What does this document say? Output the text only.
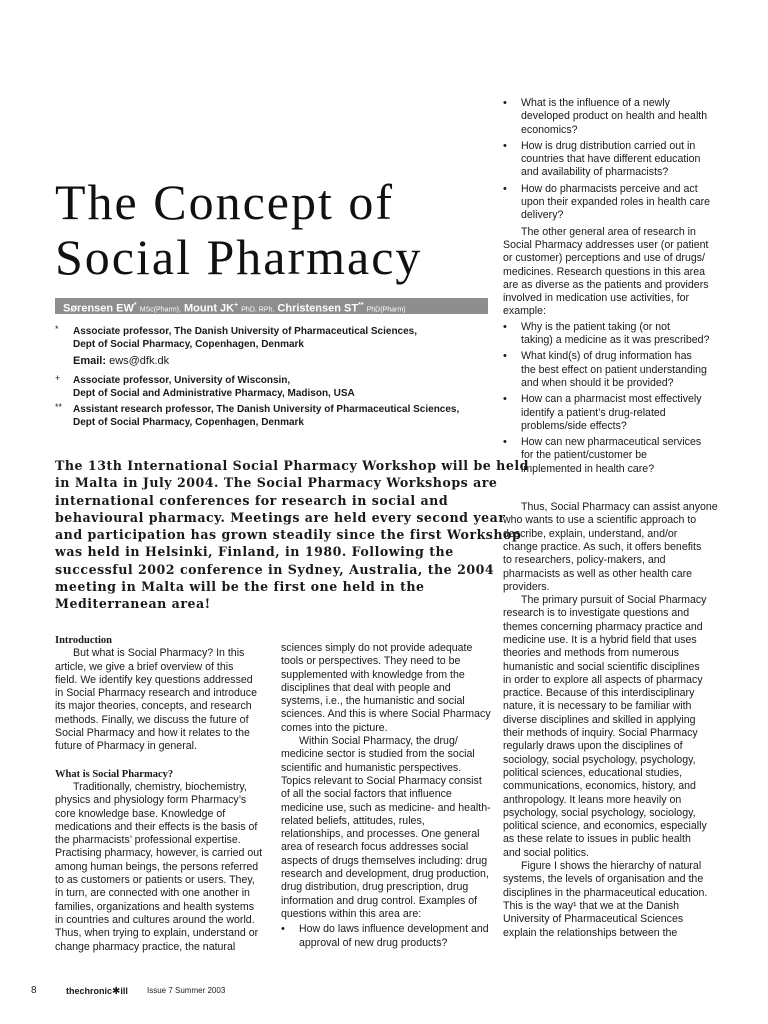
The Concept of
Social Pharmacy
Sørensen EW* MSc(Pharm), Mount JK+ PhD, RPh, Christensen ST** PhD(Pharm)
* Associate professor, The Danish University of Pharmaceutical Sciences,
Dept of Social Pharmacy, Copenhagen, Denmark
Email: ews@dfk.dk
+ Associate professor, University of Wisconsin,
Dept of Social and Administrative Pharmacy, Madison, USA
** Assistant research professor, The Danish University of Pharmaceutical Sciences,
Dept of Social Pharmacy, Copenhagen, Denmark
The 13th International Social Pharmacy Workshop will be held
in Malta in July 2004. The Social Pharmacy Workshops are
international conferences for research in social and
behavioural pharmacy. Meetings are held every second year
and participation has grown steadily since the first Workshop
was held in Helsinki, Finland, in 1980. Following the
successful 2002 conference in Sydney, Australia, the 2004
meeting in Malta will be the first one held in the
Mediterranean area!
Introduction
But what is Social Pharmacy? In this
article, we give a brief overview of this
field. We identify key questions addressed
in Social Pharmacy research and introduce
its major theories, concepts, and research
methods. Finally, we discuss the future of
Social Pharmacy and how it relates to the
future of Pharmacy in general.
What is Social Pharmacy?
Traditionally, chemistry, biochemistry,
physics and physiology form Pharmacy’s
core knowledge base. Knowledge of
medications and their effects is the basis of
the pharmacists’ professional expertise.
Practising pharmacy, however, is carried out
among human beings, the persons referred
to as customers or patients or users. They,
in turn, are connected with one another in
families, organizations and health systems
in countries and cultures around the world.
Thus, when trying to explain, understand or
change pharmacy practice, the natural
sciences simply do not provide adequate
tools or perspectives. They need to be
supplemented with knowledge from the
disciplines that deal with people and
systems, i.e., the humanistic and social
sciences. And this is where Social Pharmacy
comes into the picture.
Within Social Pharmacy, the drug/
medicine sector is studied from the social
scientific and humanistic perspectives.
Topics relevant to Social Pharmacy consist
of all the social factors that influence
medicine use, such as medicine- and health-
related beliefs, attitudes, rules,
relationships, and processes. One general
area of research focus addresses social
aspects of drugs themselves including: drug
research and development, drug production,
drug distribution, drug prescription, drug
information and drug control. Examples of
questions within this area are:
• How do laws influence development and
approval of new drug products?
• What is the influence of a newly
developed product on health and health
economics?
• How is drug distribution carried out in
countries that have different education
and availability of pharmacists?
• How do pharmacists perceive and act
upon their expanded roles in health care
delivery?
The other general area of research in
Social Pharmacy addresses user (or patient
or customer) perceptions and use of drugs/
medicines. Research questions in this area
are as diverse as the patients and providers
involved in medication use activities, for
example:
• Why is the patient taking (or not
taking) a medicine as it was prescribed?
• What kind(s) of drug information has
the best effect on patient understanding
and when should it be provided?
• How can a pharmacist most effectively
identify a patient’s drug-related
problems/side effects?
• How can new pharmaceutical services
for the patient/customer be
implemented in health care?
Thus, Social Pharmacy can assist anyone
who wants to use a scientific approach to
describe, explain, understand, and/or
change practice. As such, it offers benefits
to researchers, policy-makers, and
pharmacists as well as other health care
providers.
The primary pursuit of Social Pharmacy
research is to investigate questions and
themes concerning pharmacy practice and
medicine use. It is a hybrid field that uses
theories and methods from numerous
humanistic and social scientific disciplines
in order to explore all aspects of pharmacy
practice. Because of this interdisciplinary
nature, it is necessary to be familiar with
diverse disciplines and skilled in applying
their methods of inquiry. Social Pharmacy
regularly draws upon the disciplines of
sociology, social psychology, psychology,
political sciences, educational studies,
communications, economics, history, and
anthropology. It leans more heavily on
psychology, social psychology, sociology,
political science, and economics, especially
as these relate to issues in public health
and social politics.
Figure I shows the hierarchy of natural
systems, the levels of organisation and the
disciplines in the pharmaceutical education.
This is the way¹ that we at the Danish
University of Pharmaceutical Sciences
explain the relationships between the
8	thechronic✱ill Issue 7 Summer 2003
